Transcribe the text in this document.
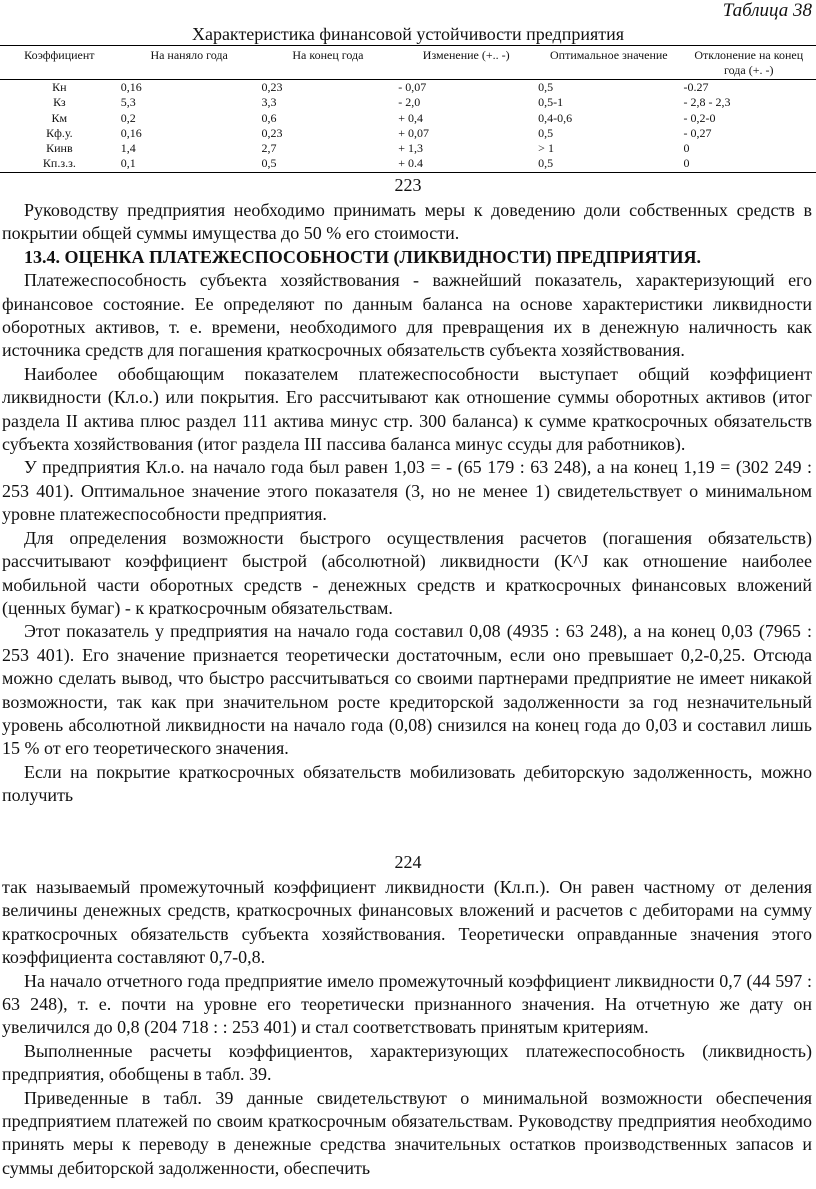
Таблица 38
Характеристика финансовой устойчивости предприятия
Коэффициент	На наняло года	На конец года	Изменение (+.. -)	Оптимальное значение	Отклонение на конец года (+. -)
Кн	0,16	0,23	- 0,07	0,5	-0.27
Кз	5,3	3,3	- 2,0	0,5-1	- 2,8 - 2,3
Км	0,2	0,6	+ 0,4	0,4-0,6	- 0,2-0
Кф.у.	0,16	0,23	+ 0,07	0,5	- 0,27
Кинв	1,4	2,7	+ 1,3	> 1	0
Кп.з.з.	0,1	0,5	+ 0.4	0,5	0
223

Руководству предприятия необходимо принимать меры к доведению доли собственных средств в покрытии общей суммы имущества до 50 % его стоимости.

13.4. ОЦЕНКА ПЛАТЕЖЕСПОСОБНОСТИ (ЛИКВИДНОСТИ) ПРЕДПРИЯТИЯ.

Платежеспособность субъекта хозяйствования - важнейший показатель, характеризующий его финансовое состояние. Ее определяют по данным баланса на основе характеристики ликвидности оборотных активов, т. е. времени, необходимого для превращения их в денежную наличность как источника средств для погашения краткосрочных обязательств субъекта хозяйствования.

Наиболее обобщающим показателем платежеспособности выступает общий коэффициент ликвидности (Кл.о.) или покрытия. Его рассчитывают как отношение суммы оборотных активов (итог раздела II актива плюс раздел 111 актива минус стр. 300 баланса) к сумме краткосрочных обязательств субъекта хозяйствования (итог раздела III пассива баланса минус ссуды для работников).

У предприятия Кл.о. на начало года был равен 1,03 = - (65 179 : 63 248), а на конец 1,19 = (302 249 : 253 401). Оптимальное значение этого показателя (3, но не менее 1) свидетельствует о минимальном уровне платежеспособности предприятия.

Для определения возможности быстрого осуществления расчетов (погашения обязательств) рассчитывают коэффициент быстрой (абсолютной) ликвидности (K^J как отношение наиболее мобильной части оборотных средств - денежных средств и краткосрочных финансовых вложений (ценных бумаг) - к краткосрочным обязательствам.

Этот показатель у предприятия на начало года составил 0,08 (4935 : 63 248), а на конец 0,03 (7965 : 253 401). Его значение признается теоретически достаточным, если оно превышает 0,2-0,25. Отсюда можно сделать вывод, что быстро рассчитываться со своими партнерами предприятие не имеет никакой возможности, так как при значительном росте кредиторской задолженности за год незначительный уровень абсолютной ликвидности на начало года (0,08) снизился на конец года до 0,03 и составил лишь 15 % от его теоретического значения.

Если на покрытие краткосрочных обязательств мобилизовать дебиторскую задолженность, можно получить

224

так называемый промежуточный коэффициент ликвидности (Кл.п.). Он равен частному от деления величины денежных средств, краткосрочных финансовых вложений и расчетов с дебиторами на сумму краткосрочных обязательств субъекта хозяйствования. Теоретически оправданные значения этого коэффициента составляют 0,7-0,8.

На начало отчетного года предприятие имело промежуточный коэффициент ликвидности 0,7 (44 597 : 63 248), т. е. почти на уровне его теоретически признанного значения. На отчетную же дату он увеличился до 0,8 (204 718 : : 253 401) и стал соответствовать принятым критериям.

Выполненные расчеты коэффициентов, характеризующих платежеспособность (ликвидность) предприятия, обобщены в табл. 39.

Приведенные в табл. 39 данные свидетельствуют о минимальной возможности обеспечения предприятием платежей по своим краткосрочным обязательствам. Руководству предприятия необходимо принять меры к переводу в денежные средства значительных остатков производственных запасов и суммы дебиторской задолженности, обеспечить
